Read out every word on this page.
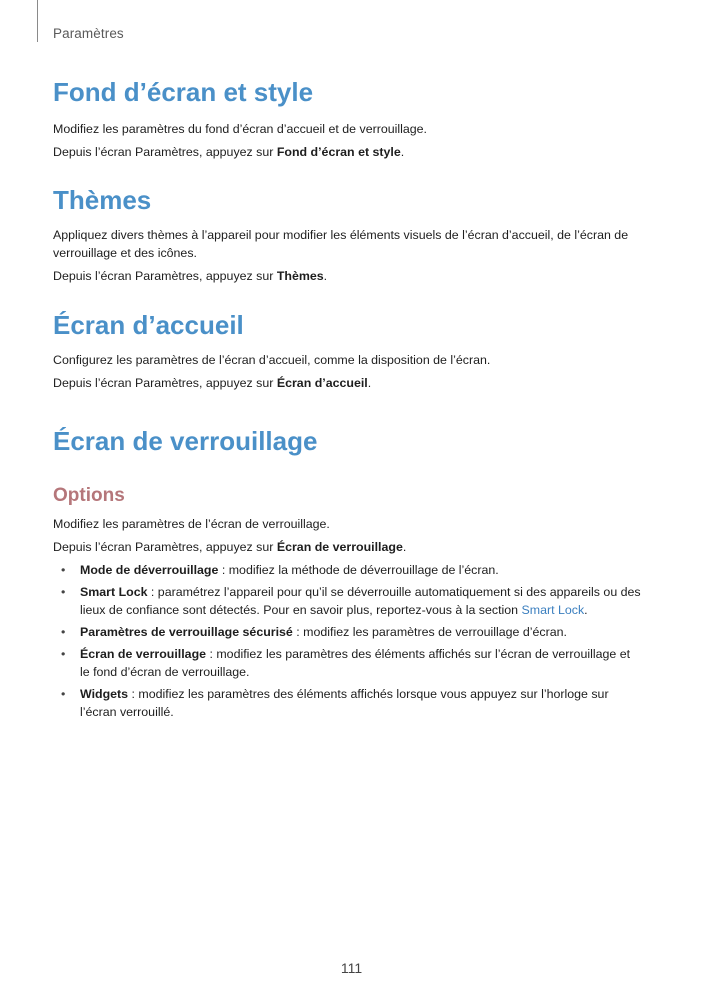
Paramètres
Fond d’écran et style

Modifiez les paramètres du fond d’écran d’accueil et de verrouillage.

Depuis l’écran Paramètres, appuyez sur Fond d’écran et style.

Thèmes

Appliquez divers thèmes à l’appareil pour modifier les éléments visuels de l’écran d’accueil, de l’écran de verrouillage et des icônes.

Depuis l’écran Paramètres, appuyez sur Thèmes.

Écran d’accueil

Configurez les paramètres de l’écran d’accueil, comme la disposition de l’écran.

Depuis l’écran Paramètres, appuyez sur Écran d’accueil.

Écran de verrouillage
Options

Modifiez les paramètres de l’écran de verrouillage.

Depuis l’écran Paramètres, appuyez sur Écran de verrouillage.

• Mode de déverrouillage : modifiez la méthode de déverrouillage de l’écran.
• Smart Lock : paramétrez l’appareil pour qu’il se déverrouille automatiquement si des appareils ou des lieux de confiance sont détectés. Pour en savoir plus, reportez-vous à la section Smart Lock.
• Paramètres de verrouillage sécurisé : modifiez les paramètres de verrouillage d’écran.
• Écran de verrouillage : modifiez les paramètres des éléments affichés sur l’écran de verrouillage et le fond d’écran de verrouillage.
• Widgets : modifiez les paramètres des éléments affichés lorsque vous appuyez sur l’horloge sur l’écran verrouillé.
111
